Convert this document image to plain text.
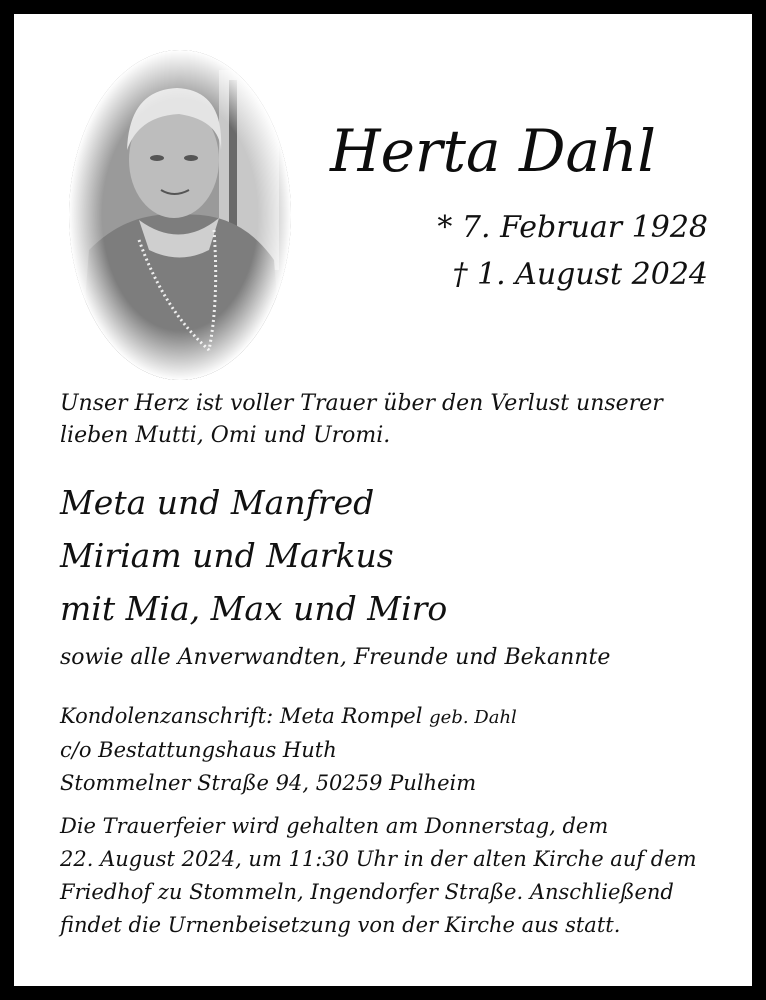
Herta Dahl
* 7. Februar 1928
† 1. August 2024
Unser Herz ist voller Trauer über den Verlust unserer
lieben Mutti, Omi und Uromi.
Meta und Manfred
Miriam und Markus
mit Mia, Max und Miro
sowie alle Anverwandten, Freunde und Bekannte
Kondolenzanschrift: Meta Rompel geb. Dahl
c/o Bestattungshaus Huth
Stommelner Straße 94, 50259 Pulheim
Die Trauerfeier wird gehalten am Donnerstag, dem
22. August 2024, um 11:30 Uhr in der alten Kirche auf dem
Friedhof zu Stommeln, Ingendorfer Straße. Anschließend
findet die Urnenbeisetzung von der Kirche aus statt.
